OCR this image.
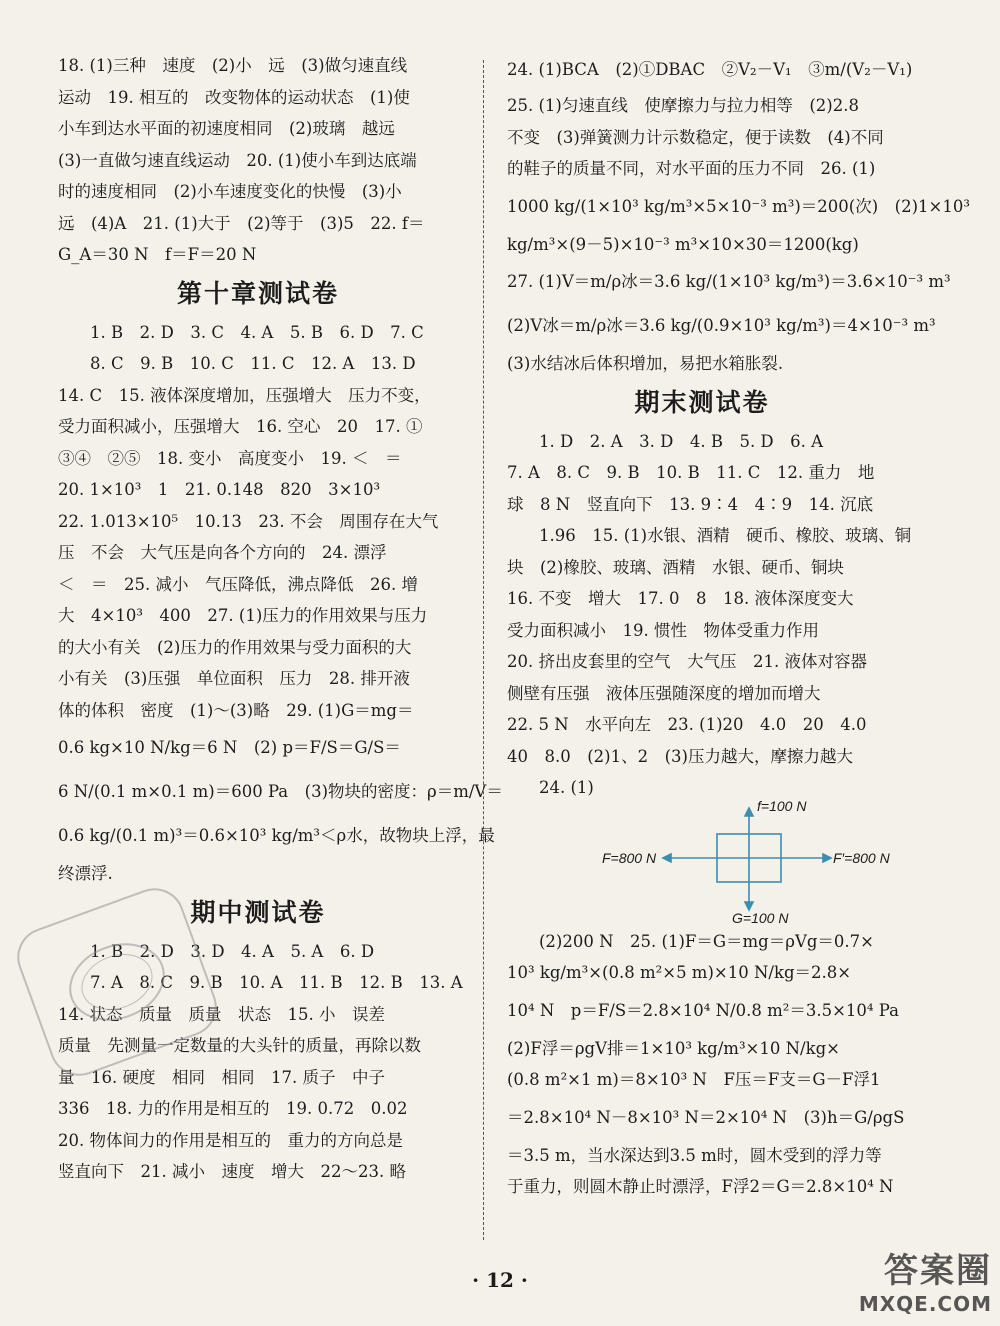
18. (1)三种　速度　(2)小　远　(3)做匀速直线
运动　19. 相互的　改变物体的运动状态　(1)使
小车到达水平面的初速度相同　(2)玻璃　越远
(3)一直做匀速直线运动　20. (1)使小车到达底端
时的速度相同　(2)小车速度变化的快慢　(3)小
远　(4)A　21. (1)大于　(2)等于　(3)5　22. f＝
G_A＝30 N　f＝F＝20 N
第十章测试卷
1. B　2. D　3. C　4. A　5. B　6. D　7. C
8. C　9. B　10. C　11. C　12. A　13. D
14. C　15. 液体深度增加，压强增大　压力不变，
受力面积减小，压强增大　16. 空心　20　17. ①
③④　②⑤　18. 变小　高度变小　19. ＜　＝
20. 1×10³　1　21. 0.148　820　3×10³
22. 1.013×10⁵　10.13　23. 不会　周围存在大气
压　不会　大气压是向各个方向的　24. 漂浮
＜　＝　25. 减小　气压降低，沸点降低　26. 增
大　4×10³　400　27. (1)压力的作用效果与压力
的大小有关　(2)压力的作用效果与受力面积的大
小有关　(3)压强　单位面积　压力　28. 排开液
体的体积　密度　(1)～(3)略　29. (1)G＝mg＝
0.6 kg×10 N/kg＝6 N　(2) p＝F/S＝G/S＝
6 N/(0.1 m×0.1 m)＝600 Pa　(3)物块的密度：ρ＝m/V＝
0.6 kg/(0.1 m)³＝0.6×10³ kg/m³＜ρ水，故物块上浮，最
终漂浮.
期中测试卷
1. B　2. D　3. D　4. A　5. A　6. D
7. A　8. C　9. B　10. A　11. B　12. B　13. A
14. 状态　质量　质量　状态　15. 小　误差
质量　先测量一定数量的大头针的质量，再除以数
量　16. 硬度　相同　相同　17. 质子　中子
336　18. 力的作用是相互的　19. 0.72　0.02
20. 物体间力的作用是相互的　重力的方向总是
竖直向下　21. 减小　速度　增大　22～23. 略
24. (1)BCA　(2)①DBAC　②V₂－V₁　③m/(V₂－V₁)
25. (1)匀速直线　使摩擦力与拉力相等　(2)2.8
不变　(3)弹簧测力计示数稳定，便于读数　(4)不同
的鞋子的质量不同，对水平面的压力不同　26. (1)
1000 kg/(1×10³ kg/m³×5×10⁻³ m³)＝200(次)　(2)1×10³
kg/m³×(9－5)×10⁻³ m³×10×30＝1200(kg)
27. (1)V＝m/ρ冰＝3.6 kg/(1×10³ kg/m³)＝3.6×10⁻³ m³
(2)V冰＝m/ρ冰＝3.6 kg/(0.9×10³ kg/m³)＝4×10⁻³ m³
(3)水结冰后体积增加，易把水箱胀裂.
期末测试卷
1. D　2. A　3. D　4. B　5. D　6. A
7. A　8. C　9. B　10. B　11. C　12. 重力　地
球　8 N　竖直向下　13. 9∶4　4∶9　14. 沉底
1.96　15. (1)水银、酒精　硬币、橡胶、玻璃、铜
块　(2)橡胶、玻璃、酒精　水银、硬币、铜块
16. 不变　增大　17. 0　8　18. 液体深度变大
受力面积减小　19. 惯性　物体受重力作用
20. 挤出皮套里的空气　大气压　21. 液体对容器
侧壁有压强　液体压强随深度的增加而增大
22. 5 N　水平向左　23. (1)20　4.0　20　4.0
40　8.0　(2)1、2　(3)压力越大，摩擦力越大
24. (1)
f=100 N
F=800 N	F′=800 N
G=100 N
(2)200 N　25. (1)F＝G＝mg＝ρVg＝0.7×
10³ kg/m³×(0.8 m²×5 m)×10 N/kg＝2.8×
10⁴ N　p＝F/S＝2.8×10⁴ N/0.8 m²＝3.5×10⁴ Pa
(2)F浮＝ρgV排＝1×10³ kg/m³×10 N/kg×
(0.8 m²×1 m)＝8×10³ N　F压＝F支＝G－F浮1
＝2.8×10⁴ N－8×10³ N＝2×10⁴ N　(3)h＝G/ρgS
＝3.5 m，当水深达到3.5 m时，圆木受到的浮力等
于重力，则圆木静止时漂浮，F浮2＝G＝2.8×10⁴ N
· 12 ·	答案圈
MXQE.COM
